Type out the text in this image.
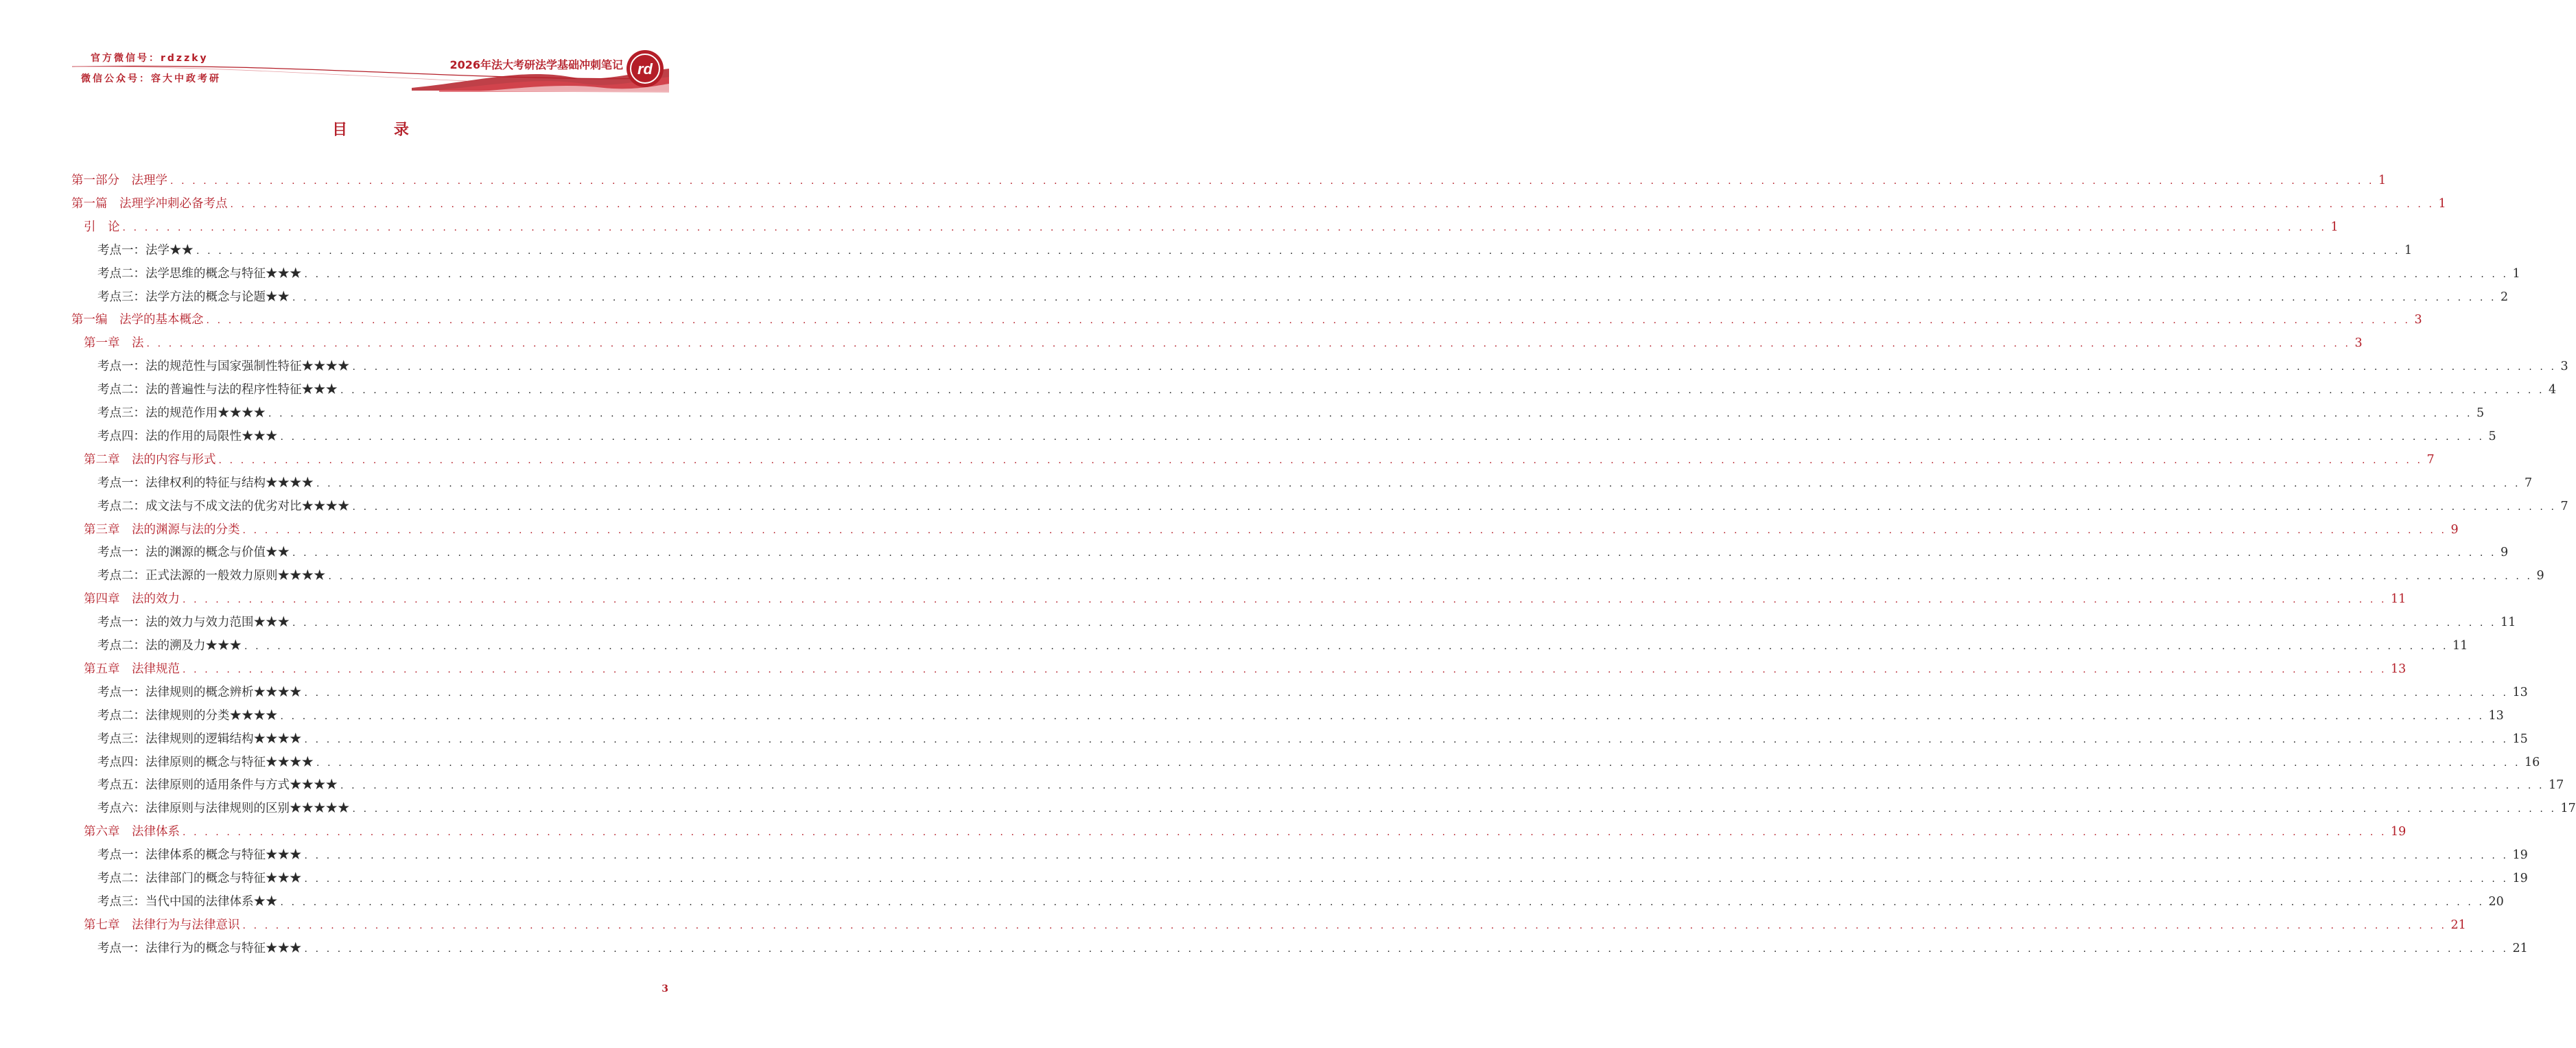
rd
官方微信号：rdzzky
微信公众号：容大中政考研
2026年法大考研法学基础冲刺笔记
目 录
第一部分　法理学 . . . . . . . . . . . . . . . . . . . . . . . . . . . . . . . . . . . . . . . . . . . . . . . . . . . . . . . . . . . . . . . . . . . . . . . . . . . . . . . . . . . . . . . . . . . . . . . . . . . . . . . . . . . . . . . . . . . . . . . . . . . . . . . . . . . . . . . . . . . . . . . . . . . . . . . . . . . . . . . . . . . . . . . . . . . . . . . . . . . . . . . . . . . . . . . . . . . . . . . . 1
第一篇　法理学冲刺必备考点 . . . . . . . . . . . . . . . . . . . . . . . . . . . . . . . . . . . . . . . . . . . . . . . . . . . . . . . . . . . . . . . . . . . . . . . . . . . . . . . . . . . . . . . . . . . . . . . . . . . . . . . . . . . . . . . . . . . . . . . . . . . . . . . . . . . . . . . . . . . . . . . . . . . . . . . . . . . . . . . . . . . . . . . . . . . . . . . . . . . . . . . . . . . . . . . . . . . . . . . . 1
引　论 . . . . . . . . . . . . . . . . . . . . . . . . . . . . . . . . . . . . . . . . . . . . . . . . . . . . . . . . . . . . . . . . . . . . . . . . . . . . . . . . . . . . . . . . . . . . . . . . . . . . . . . . . . . . . . . . . . . . . . . . . . . . . . . . . . . . . . . . . . . . . . . . . . . . . . . . . . . . . . . . . . . . . . . . . . . . . . . . . . . . . . . . . . . . . . . . . . . . . . . . 1
考点一：法学★★ . . . . . . . . . . . . . . . . . . . . . . . . . . . . . . . . . . . . . . . . . . . . . . . . . . . . . . . . . . . . . . . . . . . . . . . . . . . . . . . . . . . . . . . . . . . . . . . . . . . . . . . . . . . . . . . . . . . . . . . . . . . . . . . . . . . . . . . . . . . . . . . . . . . . . . . . . . . . . . . . . . . . . . . . . . . . . . . . . . . . . . . . . . . . . . . . . . . . . . . . 1
考点二：法学思维的概念与特征★★★ . . . . . . . . . . . . . . . . . . . . . . . . . . . . . . . . . . . . . . . . . . . . . . . . . . . . . . . . . . . . . . . . . . . . . . . . . . . . . . . . . . . . . . . . . . . . . . . . . . . . . . . . . . . . . . . . . . . . . . . . . . . . . . . . . . . . . . . . . . . . . . . . . . . . . . . . . . . . . . . . . . . . . . . . . . . . . . . . . . . . . . . . . . . . . . . . . . . . . . . . 1
考点三：法学方法的概念与论题★★ . . . . . . . . . . . . . . . . . . . . . . . . . . . . . . . . . . . . . . . . . . . . . . . . . . . . . . . . . . . . . . . . . . . . . . . . . . . . . . . . . . . . . . . . . . . . . . . . . . . . . . . . . . . . . . . . . . . . . . . . . . . . . . . . . . . . . . . . . . . . . . . . . . . . . . . . . . . . . . . . . . . . . . . . . . . . . . . . . . . . . . . . . . . . . . . . . . . . . . . . 2
第一编　法学的基本概念 . . . . . . . . . . . . . . . . . . . . . . . . . . . . . . . . . . . . . . . . . . . . . . . . . . . . . . . . . . . . . . . . . . . . . . . . . . . . . . . . . . . . . . . . . . . . . . . . . . . . . . . . . . . . . . . . . . . . . . . . . . . . . . . . . . . . . . . . . . . . . . . . . . . . . . . . . . . . . . . . . . . . . . . . . . . . . . . . . . . . . . . . . . . . . . . . . . . . . . . . 3
第一章　法 . . . . . . . . . . . . . . . . . . . . . . . . . . . . . . . . . . . . . . . . . . . . . . . . . . . . . . . . . . . . . . . . . . . . . . . . . . . . . . . . . . . . . . . . . . . . . . . . . . . . . . . . . . . . . . . . . . . . . . . . . . . . . . . . . . . . . . . . . . . . . . . . . . . . . . . . . . . . . . . . . . . . . . . . . . . . . . . . . . . . . . . . . . . . . . . . . . . . . . . . 3
考点一：法的规范性与国家强制性特征★★★★ . . . . . . . . . . . . . . . . . . . . . . . . . . . . . . . . . . . . . . . . . . . . . . . . . . . . . . . . . . . . . . . . . . . . . . . . . . . . . . . . . . . . . . . . . . . . . . . . . . . . . . . . . . . . . . . . . . . . . . . . . . . . . . . . . . . . . . . . . . . . . . . . . . . . . . . . . . . . . . . . . . . . . . . . . . . . . . . . . . . . . . . . . . . . . . . . . . . . . . . . 3
考点二：法的普遍性与法的程序性特征★★★ . . . . . . . . . . . . . . . . . . . . . . . . . . . . . . . . . . . . . . . . . . . . . . . . . . . . . . . . . . . . . . . . . . . . . . . . . . . . . . . . . . . . . . . . . . . . . . . . . . . . . . . . . . . . . . . . . . . . . . . . . . . . . . . . . . . . . . . . . . . . . . . . . . . . . . . . . . . . . . . . . . . . . . . . . . . . . . . . . . . . . . . . . . . . . . . . . . . . . . . . 4
考点三：法的规范作用★★★★ . . . . . . . . . . . . . . . . . . . . . . . . . . . . . . . . . . . . . . . . . . . . . . . . . . . . . . . . . . . . . . . . . . . . . . . . . . . . . . . . . . . . . . . . . . . . . . . . . . . . . . . . . . . . . . . . . . . . . . . . . . . . . . . . . . . . . . . . . . . . . . . . . . . . . . . . . . . . . . . . . . . . . . . . . . . . . . . . . . . . . . . . . . . . . . . . . . . . . . . . 5
考点四：法的作用的局限性★★★ . . . . . . . . . . . . . . . . . . . . . . . . . . . . . . . . . . . . . . . . . . . . . . . . . . . . . . . . . . . . . . . . . . . . . . . . . . . . . . . . . . . . . . . . . . . . . . . . . . . . . . . . . . . . . . . . . . . . . . . . . . . . . . . . . . . . . . . . . . . . . . . . . . . . . . . . . . . . . . . . . . . . . . . . . . . . . . . . . . . . . . . . . . . . . . . . . . . . . . . . 5
第二章　法的内容与形式 . . . . . . . . . . . . . . . . . . . . . . . . . . . . . . . . . . . . . . . . . . . . . . . . . . . . . . . . . . . . . . . . . . . . . . . . . . . . . . . . . . . . . . . . . . . . . . . . . . . . . . . . . . . . . . . . . . . . . . . . . . . . . . . . . . . . . . . . . . . . . . . . . . . . . . . . . . . . . . . . . . . . . . . . . . . . . . . . . . . . . . . . . . . . . . . . . . . . . . . . 7
考点一：法律权利的特征与结构★★★★ . . . . . . . . . . . . . . . . . . . . . . . . . . . . . . . . . . . . . . . . . . . . . . . . . . . . . . . . . . . . . . . . . . . . . . . . . . . . . . . . . . . . . . . . . . . . . . . . . . . . . . . . . . . . . . . . . . . . . . . . . . . . . . . . . . . . . . . . . . . . . . . . . . . . . . . . . . . . . . . . . . . . . . . . . . . . . . . . . . . . . . . . . . . . . . . . . . . . . . . . 7
考点二：成文法与不成文法的优劣对比★★★★ . . . . . . . . . . . . . . . . . . . . . . . . . . . . . . . . . . . . . . . . . . . . . . . . . . . . . . . . . . . . . . . . . . . . . . . . . . . . . . . . . . . . . . . . . . . . . . . . . . . . . . . . . . . . . . . . . . . . . . . . . . . . . . . . . . . . . . . . . . . . . . . . . . . . . . . . . . . . . . . . . . . . . . . . . . . . . . . . . . . . . . . . . . . . . . . . . . . . . . . . 7
第三章　法的渊源与法的分类 . . . . . . . . . . . . . . . . . . . . . . . . . . . . . . . . . . . . . . . . . . . . . . . . . . . . . . . . . . . . . . . . . . . . . . . . . . . . . . . . . . . . . . . . . . . . . . . . . . . . . . . . . . . . . . . . . . . . . . . . . . . . . . . . . . . . . . . . . . . . . . . . . . . . . . . . . . . . . . . . . . . . . . . . . . . . . . . . . . . . . . . . . . . . . . . . . . . . . . . . 9
考点一：法的渊源的概念与价值★★ . . . . . . . . . . . . . . . . . . . . . . . . . . . . . . . . . . . . . . . . . . . . . . . . . . . . . . . . . . . . . . . . . . . . . . . . . . . . . . . . . . . . . . . . . . . . . . . . . . . . . . . . . . . . . . . . . . . . . . . . . . . . . . . . . . . . . . . . . . . . . . . . . . . . . . . . . . . . . . . . . . . . . . . . . . . . . . . . . . . . . . . . . . . . . . . . . . . . . . . . 9
考点二：正式法源的一般效力原则★★★★ . . . . . . . . . . . . . . . . . . . . . . . . . . . . . . . . . . . . . . . . . . . . . . . . . . . . . . . . . . . . . . . . . . . . . . . . . . . . . . . . . . . . . . . . . . . . . . . . . . . . . . . . . . . . . . . . . . . . . . . . . . . . . . . . . . . . . . . . . . . . . . . . . . . . . . . . . . . . . . . . . . . . . . . . . . . . . . . . . . . . . . . . . . . . . . . . . . . . . . . . 9
第四章　法的效力 . . . . . . . . . . . . . . . . . . . . . . . . . . . . . . . . . . . . . . . . . . . . . . . . . . . . . . . . . . . . . . . . . . . . . . . . . . . . . . . . . . . . . . . . . . . . . . . . . . . . . . . . . . . . . . . . . . . . . . . . . . . . . . . . . . . . . . . . . . . . . . . . . . . . . . . . . . . . . . . . . . . . . . . . . . . . . . . . . . . . . . . . . . . . . . . . . . . . . . . . 11
考点一：法的效力与效力范围★★★ . . . . . . . . . . . . . . . . . . . . . . . . . . . . . . . . . . . . . . . . . . . . . . . . . . . . . . . . . . . . . . . . . . . . . . . . . . . . . . . . . . . . . . . . . . . . . . . . . . . . . . . . . . . . . . . . . . . . . . . . . . . . . . . . . . . . . . . . . . . . . . . . . . . . . . . . . . . . . . . . . . . . . . . . . . . . . . . . . . . . . . . . . . . . . . . . . . . . . . . . 11
考点二：法的溯及力★★★ . . . . . . . . . . . . . . . . . . . . . . . . . . . . . . . . . . . . . . . . . . . . . . . . . . . . . . . . . . . . . . . . . . . . . . . . . . . . . . . . . . . . . . . . . . . . . . . . . . . . . . . . . . . . . . . . . . . . . . . . . . . . . . . . . . . . . . . . . . . . . . . . . . . . . . . . . . . . . . . . . . . . . . . . . . . . . . . . . . . . . . . . . . . . . . . . . . . . . . . . 11
第五章　法律规范 . . . . . . . . . . . . . . . . . . . . . . . . . . . . . . . . . . . . . . . . . . . . . . . . . . . . . . . . . . . . . . . . . . . . . . . . . . . . . . . . . . . . . . . . . . . . . . . . . . . . . . . . . . . . . . . . . . . . . . . . . . . . . . . . . . . . . . . . . . . . . . . . . . . . . . . . . . . . . . . . . . . . . . . . . . . . . . . . . . . . . . . . . . . . . . . . . . . . . . . . 13
考点一：法律规则的概念辨析★★★★ . . . . . . . . . . . . . . . . . . . . . . . . . . . . . . . . . . . . . . . . . . . . . . . . . . . . . . . . . . . . . . . . . . . . . . . . . . . . . . . . . . . . . . . . . . . . . . . . . . . . . . . . . . . . . . . . . . . . . . . . . . . . . . . . . . . . . . . . . . . . . . . . . . . . . . . . . . . . . . . . . . . . . . . . . . . . . . . . . . . . . . . . . . . . . . . . . . . . . . . . 13
考点二：法律规则的分类★★★★ . . . . . . . . . . . . . . . . . . . . . . . . . . . . . . . . . . . . . . . . . . . . . . . . . . . . . . . . . . . . . . . . . . . . . . . . . . . . . . . . . . . . . . . . . . . . . . . . . . . . . . . . . . . . . . . . . . . . . . . . . . . . . . . . . . . . . . . . . . . . . . . . . . . . . . . . . . . . . . . . . . . . . . . . . . . . . . . . . . . . . . . . . . . . . . . . . . . . . . . . 13
考点三：法律规则的逻辑结构★★★★ . . . . . . . . . . . . . . . . . . . . . . . . . . . . . . . . . . . . . . . . . . . . . . . . . . . . . . . . . . . . . . . . . . . . . . . . . . . . . . . . . . . . . . . . . . . . . . . . . . . . . . . . . . . . . . . . . . . . . . . . . . . . . . . . . . . . . . . . . . . . . . . . . . . . . . . . . . . . . . . . . . . . . . . . . . . . . . . . . . . . . . . . . . . . . . . . . . . . . . . . 15
考点四：法律原则的概念与特征★★★★ . . . . . . . . . . . . . . . . . . . . . . . . . . . . . . . . . . . . . . . . . . . . . . . . . . . . . . . . . . . . . . . . . . . . . . . . . . . . . . . . . . . . . . . . . . . . . . . . . . . . . . . . . . . . . . . . . . . . . . . . . . . . . . . . . . . . . . . . . . . . . . . . . . . . . . . . . . . . . . . . . . . . . . . . . . . . . . . . . . . . . . . . . . . . . . . . . . . . . . . . 16
考点五：法律原则的适用条件与方式★★★★ . . . . . . . . . . . . . . . . . . . . . . . . . . . . . . . . . . . . . . . . . . . . . . . . . . . . . . . . . . . . . . . . . . . . . . . . . . . . . . . . . . . . . . . . . . . . . . . . . . . . . . . . . . . . . . . . . . . . . . . . . . . . . . . . . . . . . . . . . . . . . . . . . . . . . . . . . . . . . . . . . . . . . . . . . . . . . . . . . . . . . . . . . . . . . . . . . . . . . . . . 17
考点六：法律原则与法律规则的区别★★★★★ . . . . . . . . . . . . . . . . . . . . . . . . . . . . . . . . . . . . . . . . . . . . . . . . . . . . . . . . . . . . . . . . . . . . . . . . . . . . . . . . . . . . . . . . . . . . . . . . . . . . . . . . . . . . . . . . . . . . . . . . . . . . . . . . . . . . . . . . . . . . . . . . . . . . . . . . . . . . . . . . . . . . . . . . . . . . . . . . . . . . . . . . . . . . . . . . . . . . . . . . 17
第六章　法律体系 . . . . . . . . . . . . . . . . . . . . . . . . . . . . . . . . . . . . . . . . . . . . . . . . . . . . . . . . . . . . . . . . . . . . . . . . . . . . . . . . . . . . . . . . . . . . . . . . . . . . . . . . . . . . . . . . . . . . . . . . . . . . . . . . . . . . . . . . . . . . . . . . . . . . . . . . . . . . . . . . . . . . . . . . . . . . . . . . . . . . . . . . . . . . . . . . . . . . . . . . 19
考点一：法律体系的概念与特征★★★ . . . . . . . . . . . . . . . . . . . . . . . . . . . . . . . . . . . . . . . . . . . . . . . . . . . . . . . . . . . . . . . . . . . . . . . . . . . . . . . . . . . . . . . . . . . . . . . . . . . . . . . . . . . . . . . . . . . . . . . . . . . . . . . . . . . . . . . . . . . . . . . . . . . . . . . . . . . . . . . . . . . . . . . . . . . . . . . . . . . . . . . . . . . . . . . . . . . . . . . . 19
考点二：法律部门的概念与特征★★★ . . . . . . . . . . . . . . . . . . . . . . . . . . . . . . . . . . . . . . . . . . . . . . . . . . . . . . . . . . . . . . . . . . . . . . . . . . . . . . . . . . . . . . . . . . . . . . . . . . . . . . . . . . . . . . . . . . . . . . . . . . . . . . . . . . . . . . . . . . . . . . . . . . . . . . . . . . . . . . . . . . . . . . . . . . . . . . . . . . . . . . . . . . . . . . . . . . . . . . . . 19
考点三：当代中国的法律体系★★ . . . . . . . . . . . . . . . . . . . . . . . . . . . . . . . . . . . . . . . . . . . . . . . . . . . . . . . . . . . . . . . . . . . . . . . . . . . . . . . . . . . . . . . . . . . . . . . . . . . . . . . . . . . . . . . . . . . . . . . . . . . . . . . . . . . . . . . . . . . . . . . . . . . . . . . . . . . . . . . . . . . . . . . . . . . . . . . . . . . . . . . . . . . . . . . . . . . . . . . . 20
第七章　法律行为与法律意识 . . . . . . . . . . . . . . . . . . . . . . . . . . . . . . . . . . . . . . . . . . . . . . . . . . . . . . . . . . . . . . . . . . . . . . . . . . . . . . . . . . . . . . . . . . . . . . . . . . . . . . . . . . . . . . . . . . . . . . . . . . . . . . . . . . . . . . . . . . . . . . . . . . . . . . . . . . . . . . . . . . . . . . . . . . . . . . . . . . . . . . . . . . . . . . . . . . . . . . . . 21
考点一：法律行为的概念与特征★★★ . . . . . . . . . . . . . . . . . . . . . . . . . . . . . . . . . . . . . . . . . . . . . . . . . . . . . . . . . . . . . . . . . . . . . . . . . . . . . . . . . . . . . . . . . . . . . . . . . . . . . . . . . . . . . . . . . . . . . . . . . . . . . . . . . . . . . . . . . . . . . . . . . . . . . . . . . . . . . . . . . . . . . . . . . . . . . . . . . . . . . . . . . . . . . . . . . . . . . . . . 21
3
